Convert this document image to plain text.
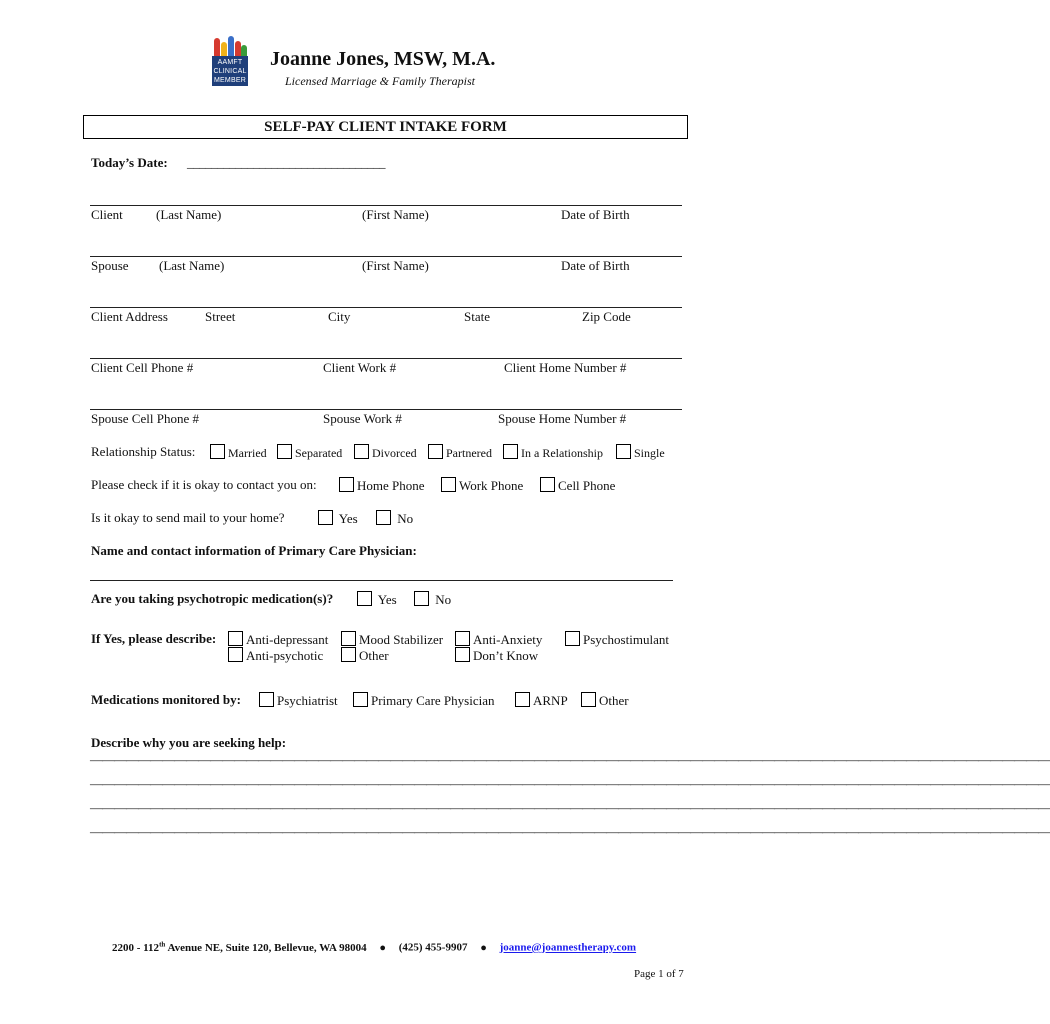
AAMFT
CLINICAL
MEMBER
Joanne Jones, MSW, M.A.
Licensed Marriage & Family Therapist
SELF-PAY CLIENT INTAKE FORM
Today’s Date: _________________________________
Client	(Last Name)	(First Name)	Date of Birth
Spouse (Last Name)	(First Name)	Date of Birth
Client Address	Street	City	State	Zip Code
Client Cell Phone #	Client Work #	Client Home Number #
Spouse Cell Phone #	Spouse Work #	Spouse Home Number #
Relationship Status:	Married	Separated	Divorced	Partnered	In a Relationship	Single
Please check if it is okay to contact you on:	Home Phone	Work Phone	Cell Phone
Is it okay to send mail to your home?	Yes	No
Name and contact information of Primary Care Physician:
Are you taking psychotropic medication(s)?	Yes	No
If Yes, please describe:	Anti-depressant	Mood Stabilizer	Anti-Anxiety	Psychostimulant
Anti-psychotic	Other	Don’t Know
Medications monitored by:	Psychiatrist	Primary Care Physician	ARNP	Other
Describe why you are seeking help:
————————————————————————————————————————————————————————————————————————————————
————————————————————————————————————————————————————————————————————————————————
————————————————————————————————————————————————————————————————————————————————
————————————————————————————————————————————————————————————————————————————————
2200 - 112th Avenue NE, Suite 120, Bellevue, WA 98004 ● (425) 455-9907 ● joanne@joannestherapy.com
Page 1 of 7
